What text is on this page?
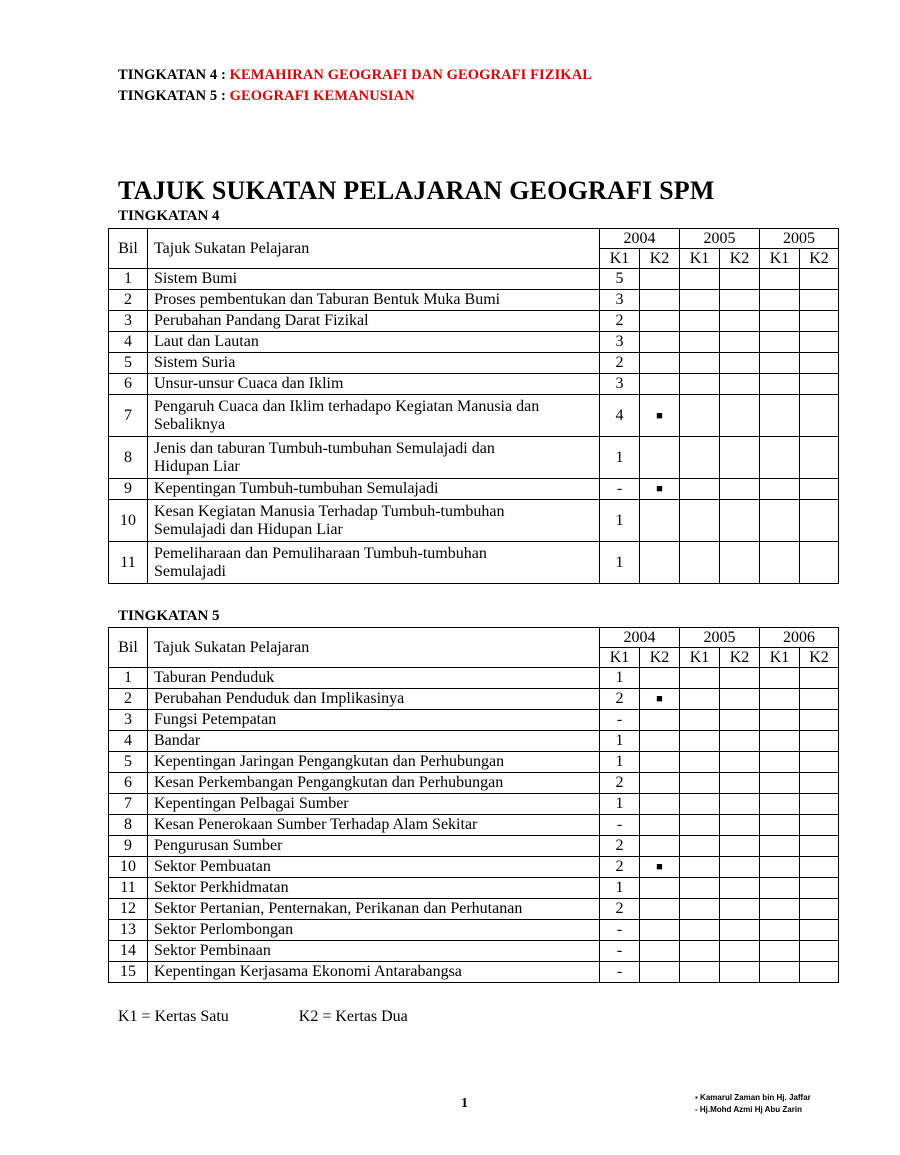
TINGKATAN 4 : KEMAHIRAN GEOGRAFI DAN GEOGRAFI FIZIKAL
TINGKATAN 5 : GEOGRAFI KEMANUSIAN
TAJUK SUKATAN PELAJARAN GEOGRAFI SPM
TINGKATAN 4
Bil	Tajuk Sukatan Pelajaran	2004		2005		2005	
		K1	K2	K1	K2	K1	K2
1	Sistem Bumi	5					
2	Proses pembentukan dan Taburan Bentuk Muka Bumi	3					
3	Perubahan Pandang Darat Fizikal	2					
4	Laut dan Lautan	3					
5	Sistem Suria	2					
6	Unsur-unsur Cuaca dan Iklim	3					
7	Pengaruh Cuaca dan Iklim terhadapo Kegiatan Manusia dan
Sebaliknya	4	■				
8	Jenis dan taburan Tumbuh-tumbuhan Semulajadi dan
Hidupan Liar	1					
9	Kepentingan Tumbuh-tumbuhan Semulajadi	-	■				
10	Kesan Kegiatan Manusia Terhadap Tumbuh-tumbuhan
Semulajadi dan Hidupan Liar	1					
11	Pemeliharaan dan Pemuliharaan Tumbuh-tumbuhan
Semulajadi	1					
TINGKATAN 5
Bil	Tajuk Sukatan Pelajaran	2004		2005		2006	
		K1	K2	K1	K2	K1	K2
1	Taburan Penduduk	1					
2	Perubahan Penduduk dan Implikasinya	2	■				
3	Fungsi Petempatan	-					
4	Bandar	1					
5	Kepentingan Jaringan Pengangkutan dan Perhubungan	1					
6	Kesan Perkembangan Pengangkutan dan Perhubungan	2					
7	Kepentingan Pelbagai Sumber	1					
8	Kesan Penerokaan Sumber Terhadap Alam Sekitar	-					
9	Pengurusan Sumber	2					
10	Sektor Pembuatan	2	■				
11	Sektor Perkhidmatan	1					
12	Sektor Pertanian, Penternakan, Perikanan dan Perhutanan	2					
13	Sektor Perlombongan	-					
14	Sektor Pembinaan	-					
15	Kepentingan Kerjasama Ekonomi Antarabangsa	-					
K1 = Kertas Satu	K2 = Kertas Dua
1	▪ Kamarul Zaman bin Hj. Jaffar
- Hj.Mohd Azmi Hj Abu Zarin
